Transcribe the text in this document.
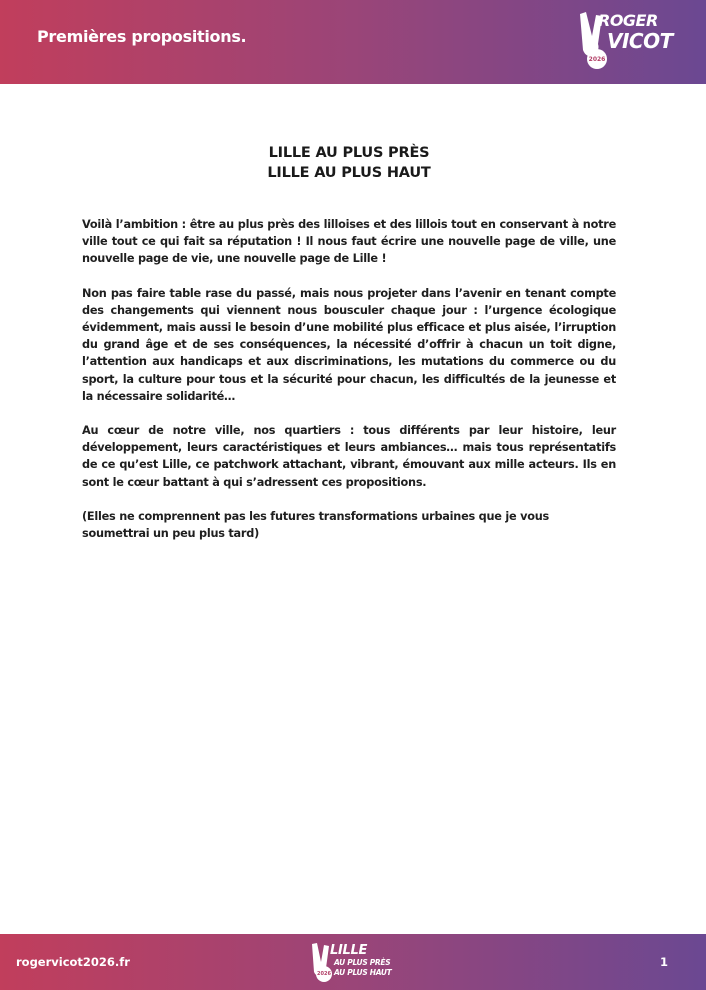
Premières propositions.
ROGER
VICOT
2026
LILLE AU PLUS PRÈS
LILLE AU PLUS HAUT

Voilà l’ambition : être au plus près des lilloises et des lillois tout en conservant à notre ville tout ce qui fait sa réputation ! Il nous faut écrire une nouvelle page de ville, une nouvelle page de vie, une nouvelle page de Lille !

Non pas faire table rase du passé, mais nous projeter dans l’avenir en tenant compte des changements qui viennent nous bousculer chaque jour : l’urgence écologique évidemment, mais aussi le besoin d’une mobilité plus efficace et plus aisée, l’irruption du grand âge et de ses conséquences, la nécessité d’offrir à chacun un toit digne, l’attention aux handicaps et aux discriminations, les mutations du commerce ou du sport, la culture pour tous et la sécurité pour chacun, les difficultés de la jeunesse et la nécessaire solidarité…

Au cœur de notre ville, nos quartiers : tous différents par leur histoire, leur développement, leurs caractéristiques et leurs ambiances… mais tous représentatifs de ce qu’est Lille, ce patchwork attachant, vibrant, émouvant aux mille acteurs. Ils en sont le cœur battant à qui s’adressent ces propositions.

(Elles ne comprennent pas les futures transformations urbaines que je vous soumettrai un peu plus tard)

rogervicot2026.fr
LILLE
AU PLUS PRÈS
AU PLUS HAUT
2026
1
